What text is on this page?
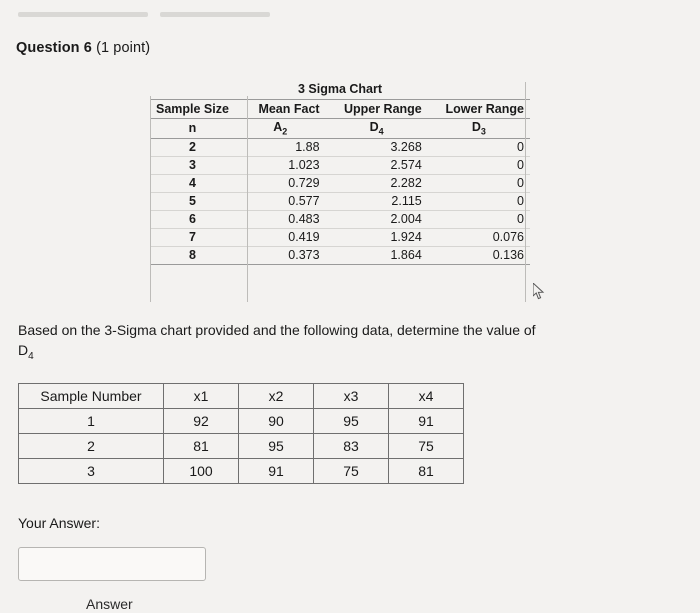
Question 6 (1 point)
3 Sigma Chart
Sample Size	Mean Fact	Upper Range	Lower Range
n	$A_2$	$D_4$	$D_3$
2	1.88	3.268	0
3	1.023	2.574	0
4	0.729	2.282	0
5	0.577	2.115	0
6	0.483	2.004	0
7	0.419	1.924	0.076
8	0.373	1.864	0.136
Based on the 3-Sigma chart provided and the following data, determine the value of
$D_4$
Sample Number	x1	x2	x3	x4
1	92	90	95	91
2	81	95	83	75
3	100	91	75	81
Your Answer:
Answer
